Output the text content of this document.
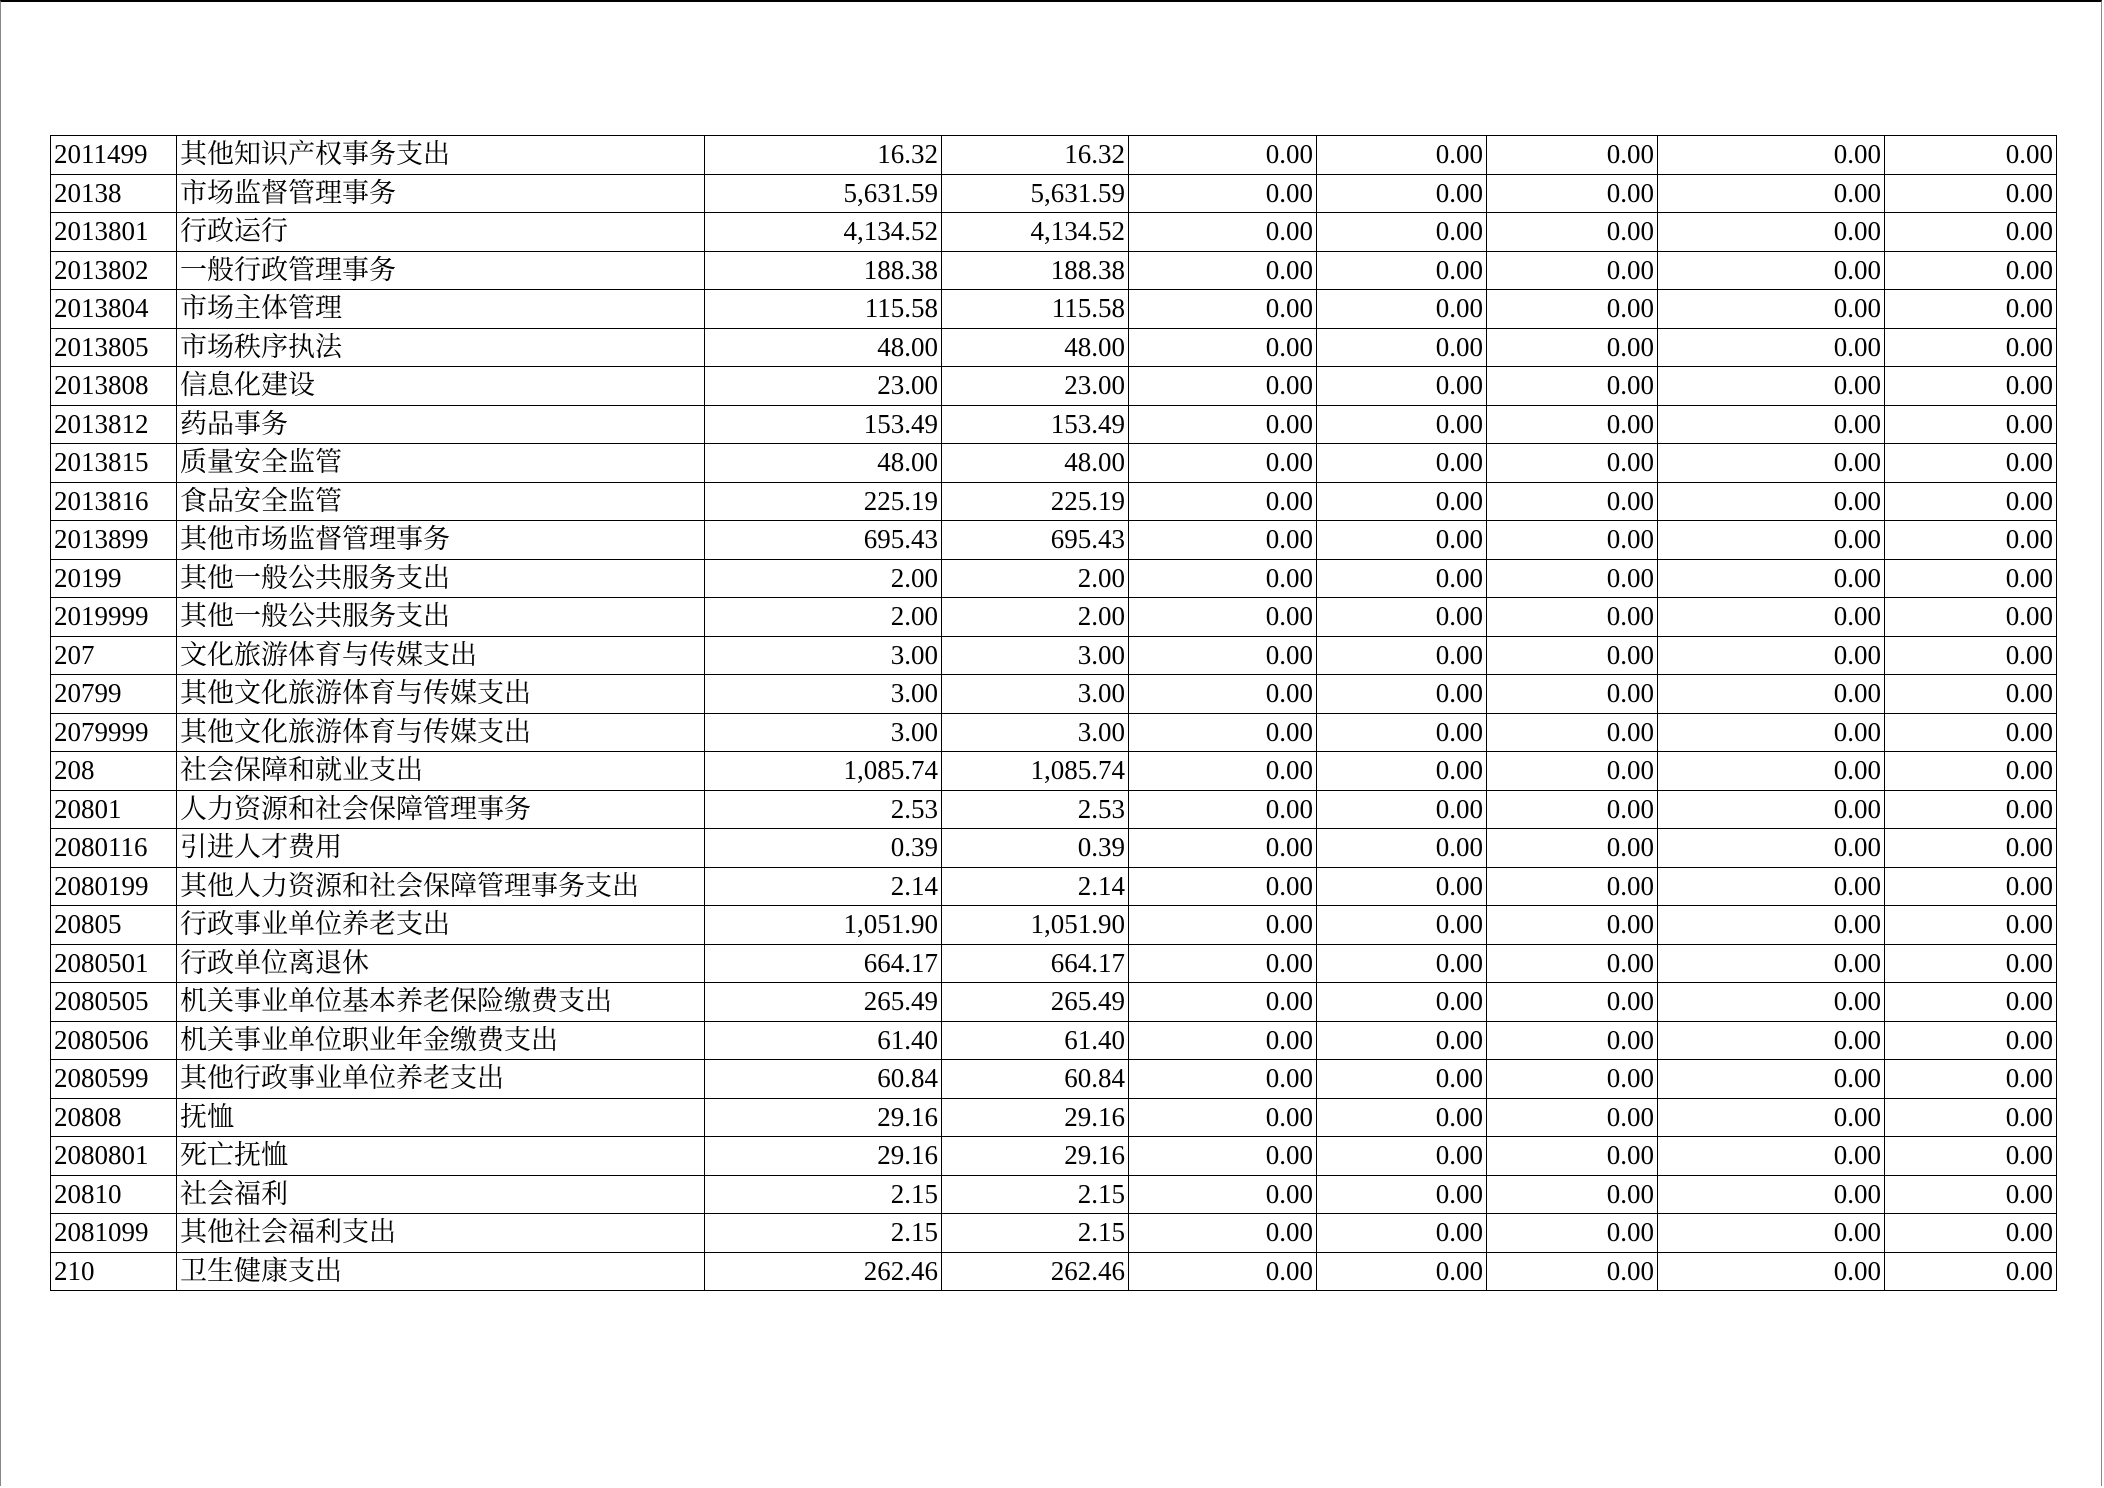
2011499	其他知识产权事务支出	16.32	16.32	0.00	0.00	0.00	0.00	0.00
20138	市场监督管理事务	5,631.59	5,631.59	0.00	0.00	0.00	0.00	0.00
2013801	行政运行	4,134.52	4,134.52	0.00	0.00	0.00	0.00	0.00
2013802	一般行政管理事务	188.38	188.38	0.00	0.00	0.00	0.00	0.00
2013804	市场主体管理	115.58	115.58	0.00	0.00	0.00	0.00	0.00
2013805	市场秩序执法	48.00	48.00	0.00	0.00	0.00	0.00	0.00
2013808	信息化建设	23.00	23.00	0.00	0.00	0.00	0.00	0.00
2013812	药品事务	153.49	153.49	0.00	0.00	0.00	0.00	0.00
2013815	质量安全监管	48.00	48.00	0.00	0.00	0.00	0.00	0.00
2013816	食品安全监管	225.19	225.19	0.00	0.00	0.00	0.00	0.00
2013899	其他市场监督管理事务	695.43	695.43	0.00	0.00	0.00	0.00	0.00
20199	其他一般公共服务支出	2.00	2.00	0.00	0.00	0.00	0.00	0.00
2019999	其他一般公共服务支出	2.00	2.00	0.00	0.00	0.00	0.00	0.00
207	文化旅游体育与传媒支出	3.00	3.00	0.00	0.00	0.00	0.00	0.00
20799	其他文化旅游体育与传媒支出	3.00	3.00	0.00	0.00	0.00	0.00	0.00
2079999	其他文化旅游体育与传媒支出	3.00	3.00	0.00	0.00	0.00	0.00	0.00
208	社会保障和就业支出	1,085.74	1,085.74	0.00	0.00	0.00	0.00	0.00
20801	人力资源和社会保障管理事务	2.53	2.53	0.00	0.00	0.00	0.00	0.00
2080116	引进人才费用	0.39	0.39	0.00	0.00	0.00	0.00	0.00
2080199	其他人力资源和社会保障管理事务支出	2.14	2.14	0.00	0.00	0.00	0.00	0.00
20805	行政事业单位养老支出	1,051.90	1,051.90	0.00	0.00	0.00	0.00	0.00
2080501	行政单位离退休	664.17	664.17	0.00	0.00	0.00	0.00	0.00
2080505	机关事业单位基本养老保险缴费支出	265.49	265.49	0.00	0.00	0.00	0.00	0.00
2080506	机关事业单位职业年金缴费支出	61.40	61.40	0.00	0.00	0.00	0.00	0.00
2080599	其他行政事业单位养老支出	60.84	60.84	0.00	0.00	0.00	0.00	0.00
20808	抚恤	29.16	29.16	0.00	0.00	0.00	0.00	0.00
2080801	死亡抚恤	29.16	29.16	0.00	0.00	0.00	0.00	0.00
20810	社会福利	2.15	2.15	0.00	0.00	0.00	0.00	0.00
2081099	其他社会福利支出	2.15	2.15	0.00	0.00	0.00	0.00	0.00
210	卫生健康支出	262.46	262.46	0.00	0.00	0.00	0.00	0.00
